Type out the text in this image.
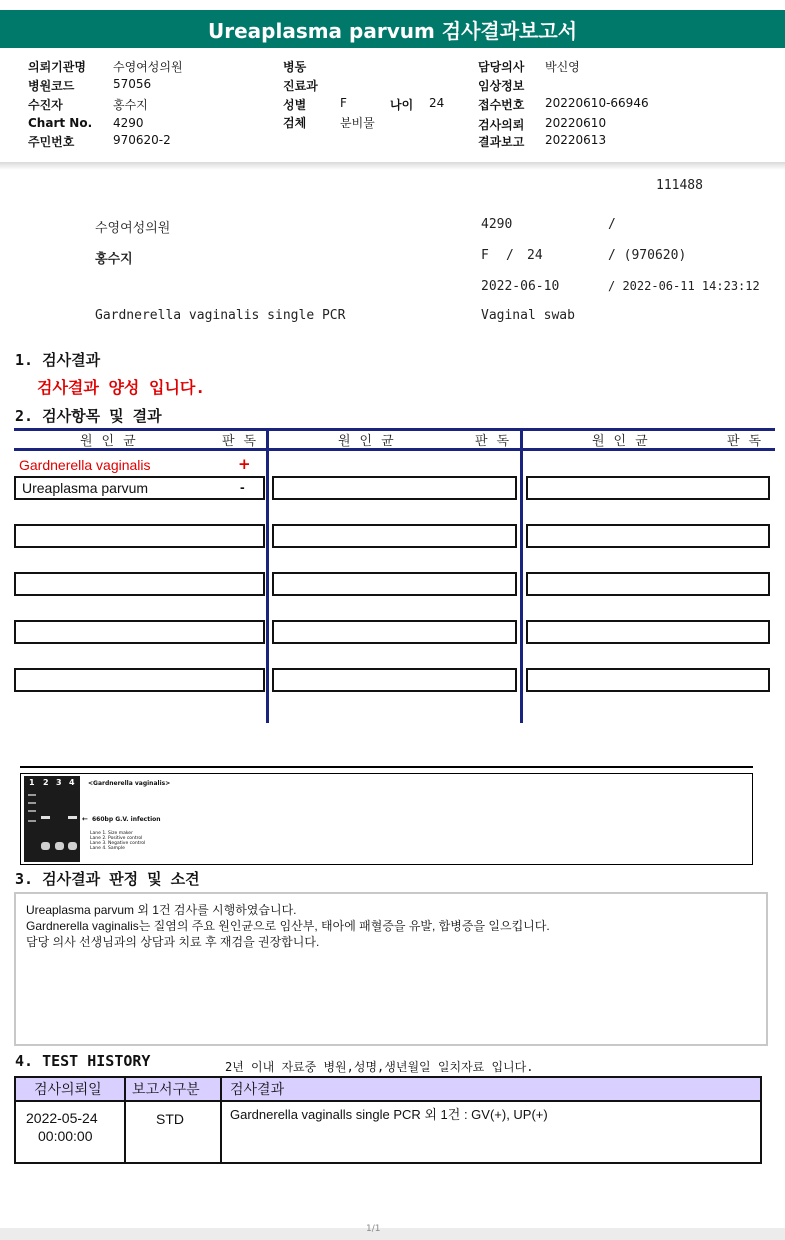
Ureaplasma parvum 검사결과보고서
의뢰기관명 수영여성의원
병원코드	57056
수진자	홍수지
Chart No. 4290
주민번호	970620-2
병동
진료과
성별	F	나이 24
검체	분비물
담당의사 박신영
임상정보
접수번호 20220610-66946
검사의뢰 20220610
결과보고 20220613
111488
수영여성의원	4290	/
홍수지	F / 24	/ (970620)
2022-06-10	/ 2022-06-11 14:23:12
Gardnerella vaginalis single PCR	Vaginal swab
1. 검사결과
검사결과 양성 입니다.
2. 검사항목 및 결과
원인균	판독	원인균	판독	원인균	판독
Gardnerella vaginalis	+
Ureaplasma parvum	-
1 2 3 4 <Gardnerella vaginalis>
← 660bp G.V. infection
Lane 1. Size maker
Lane 2. Positive control
Lane 3. Negative control
Lane 4. Sample
3. 검사결과 판정 및 소견
Ureaplasma parvum 외 1건 검사를 시행하였습니다.
Gardnerella vaginalis는 질염의 주요 원인균으로 임산부, 태아에 패혈증을 유발, 합병증을 일으킵니다.
담당 의사 선생님과의 상담과 치료 후 재검을 권장합니다.
4. TEST HISTORY	2년 이내 자료중 병원,성명,생년월일 일치자료 입니다.
검사의뢰일 보고서구분 검사결과
2022-05-24
00:00:00
STD	Gardnerella vaginalls single PCR 외 1건 : GV(+), UP(+)
1/1
